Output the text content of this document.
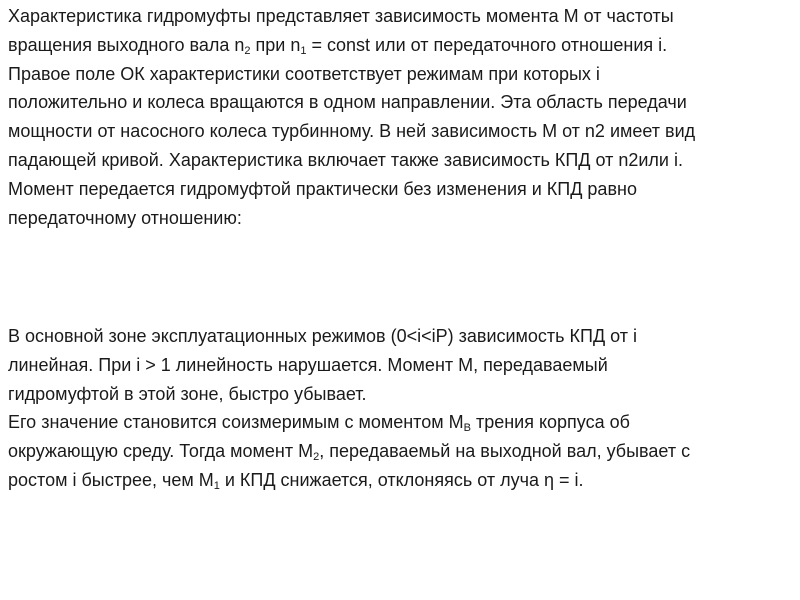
Характеристика гидромуфты представляет зависимость момента М от частоты
вращения выходного вала $n_2$ при $n_1$ = const или от передаточного отношения i.
Правое поле ОК характеристики соответствует режимам при которых i
положительно и колеса вращаются в одном направлении. Эта область передачи
мощности от насосного колеса турбинному. В ней зависимость М от n2 имеет вид
падающей кривой. Характеристика включает также зависимость КПД от n2или i.
Момент передается гидромуфтой практически без изменения и КПД равно
передаточному отношению:
В основной зоне эксплуатационных режимов (0<i<iР) зависимость КПД от i
линейная. При i > 1 линейность нарушается. Момент М, передаваемый
гидромуфтой в этой зоне, быстро убывает.
Его значение становится соизмеримым с моментом $М_В$ трения корпуса об
окружающую среду. Тогда момент $М_2$, передаваемьй на выходной вал, убывает с
ростом i быстрее, чем $М_1$ и КПД снижается, отклоняясь от луча η = i.
